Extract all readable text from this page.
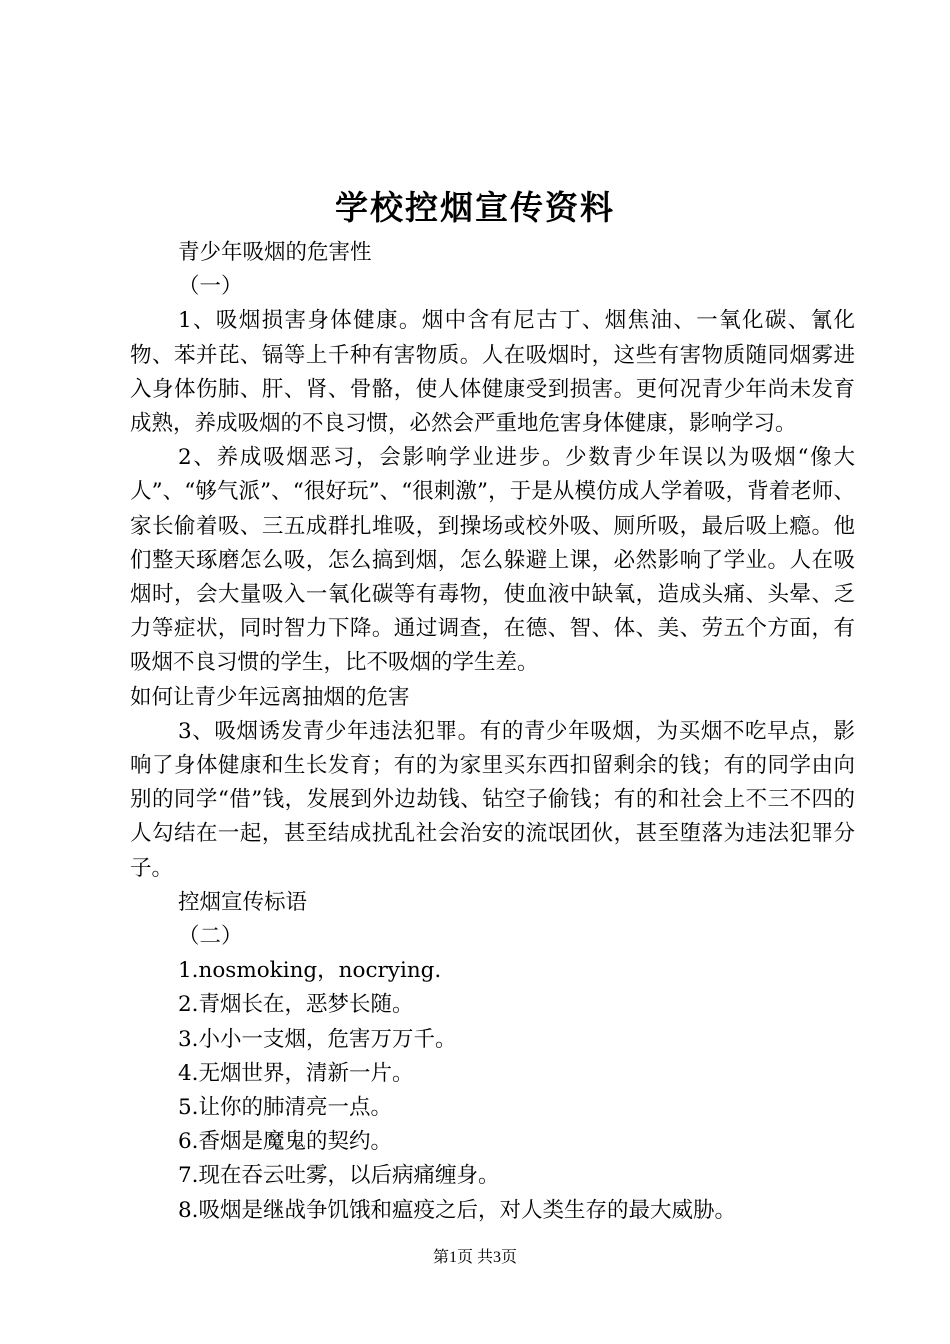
学校控烟宣传资料

青少年吸烟的危害性

（一）

1、吸烟损害身体健康。烟中含有尼古丁、烟焦油、一氧化碳、氰化物、苯并芘、镉等上千种有害物质。人在吸烟时，这些有害物质随同烟雾进入身体伤肺、肝、肾、骨骼，使人体健康受到损害。更何况青少年尚未发育成熟，养成吸烟的不良习惯，必然会严重地危害身体健康，影响学习。

2、养成吸烟恶习，会影响学业进步。少数青少年误以为吸烟“像大人”、“够气派”、“很好玩”、“很刺激”，于是从模仿成人学着吸，背着老师、家长偷着吸、三五成群扎堆吸，到操场或校外吸、厕所吸，最后吸上瘾。他们整天琢磨怎么吸，怎么搞到烟，怎么躲避上课，必然影响了学业。人在吸烟时，会大量吸入一氧化碳等有毒物，使血液中缺氧，造成头痛、头晕、乏力等症状，同时智力下降。通过调查，在德、智、体、美、劳五个方面，有吸烟不良习惯的学生，比不吸烟的学生差。

如何让青少年远离抽烟的危害

3、吸烟诱发青少年违法犯罪。有的青少年吸烟，为买烟不吃早点，影响了身体健康和生长发育；有的为家里买东西扣留剩余的钱；有的同学由向别的同学“借”钱，发展到外边劫钱、钻空子偷钱；有的和社会上不三不四的人勾结在一起，甚至结成扰乱社会治安的流氓团伙，甚至堕落为违法犯罪分子。

控烟宣传标语

（二）

1.nosmoking，nocrying.

2.青烟长在，恶梦长随。

3.小小一支烟，危害万万千。

4.无烟世界，清新一片。

5.让你的肺清亮一点。

6.香烟是魔鬼的契约。

7.现在吞云吐雾，以后病痛缠身。

8.吸烟是继战争饥饿和瘟疫之后，对人类生存的最大威胁。

第1页 共3页
